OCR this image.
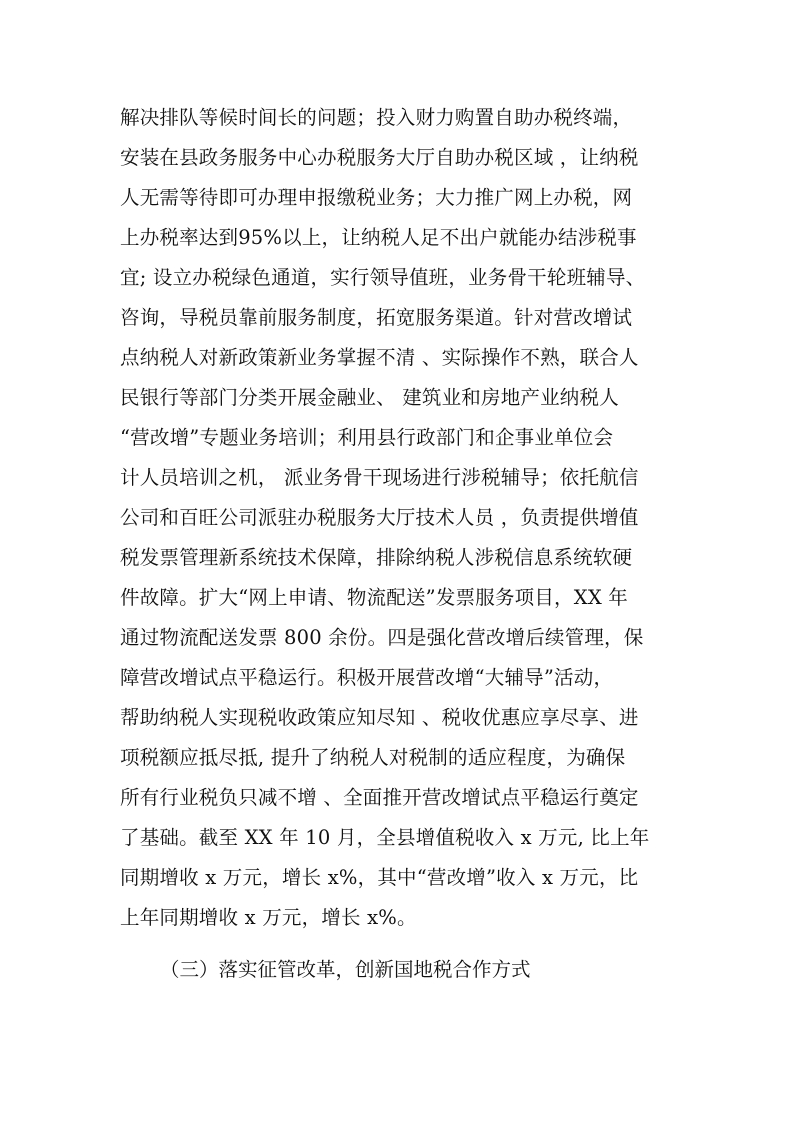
解决排队等候时间长的问题；投入财力购置自助办税终端，
安装在县政务服务中心办税服务大厅自助办税区域 ，让纳税
人无需等待即可办理申报缴税业务；大力推广网上办税，网
上办税率达到95%以上，让纳税人足不出户就能办结涉税事
宜; 设立办税绿色通道，实行领导值班，业务骨干轮班辅导、
咨询，导税员靠前服务制度，拓宽服务渠道。针对营改增试
点纳税人对新政策新业务掌握不清 、实际操作不熟，联合人
民银行等部门分类开展金融业、 建筑业和房地产业纳税人
“营改增”专题业务培训；利用县行政部门和企事业单位会
计人员培训之机， 派业务骨干现场进行涉税辅导；依托航信
公司和百旺公司派驻办税服务大厅技术人员 ，负责提供增值
税发票管理新系统技术保障，排除纳税人涉税信息系统软硬
件故障。扩大“网上申请、物流配送”发票服务项目，XX 年
通过物流配送发票 800 余份。四是强化营改增后续管理，保
障营改增试点平稳运行。积极开展营改增“大辅导”活动，
帮助纳税人实现税收政策应知尽知 、税收优惠应享尽享、进
项税额应抵尽抵, 提升了纳税人对税制的适应程度，为确保
所有行业税负只减不增 、全面推开营改增试点平稳运行奠定
了基础。截至 XX 年 10 月，全县增值税收入 x 万元, 比上年
同期增收 x 万元，增长 x%，其中“营改增”收入 x 万元，比
上年同期增收 x 万元，增长 x%。
（三）落实征管改革，创新国地税合作方式
